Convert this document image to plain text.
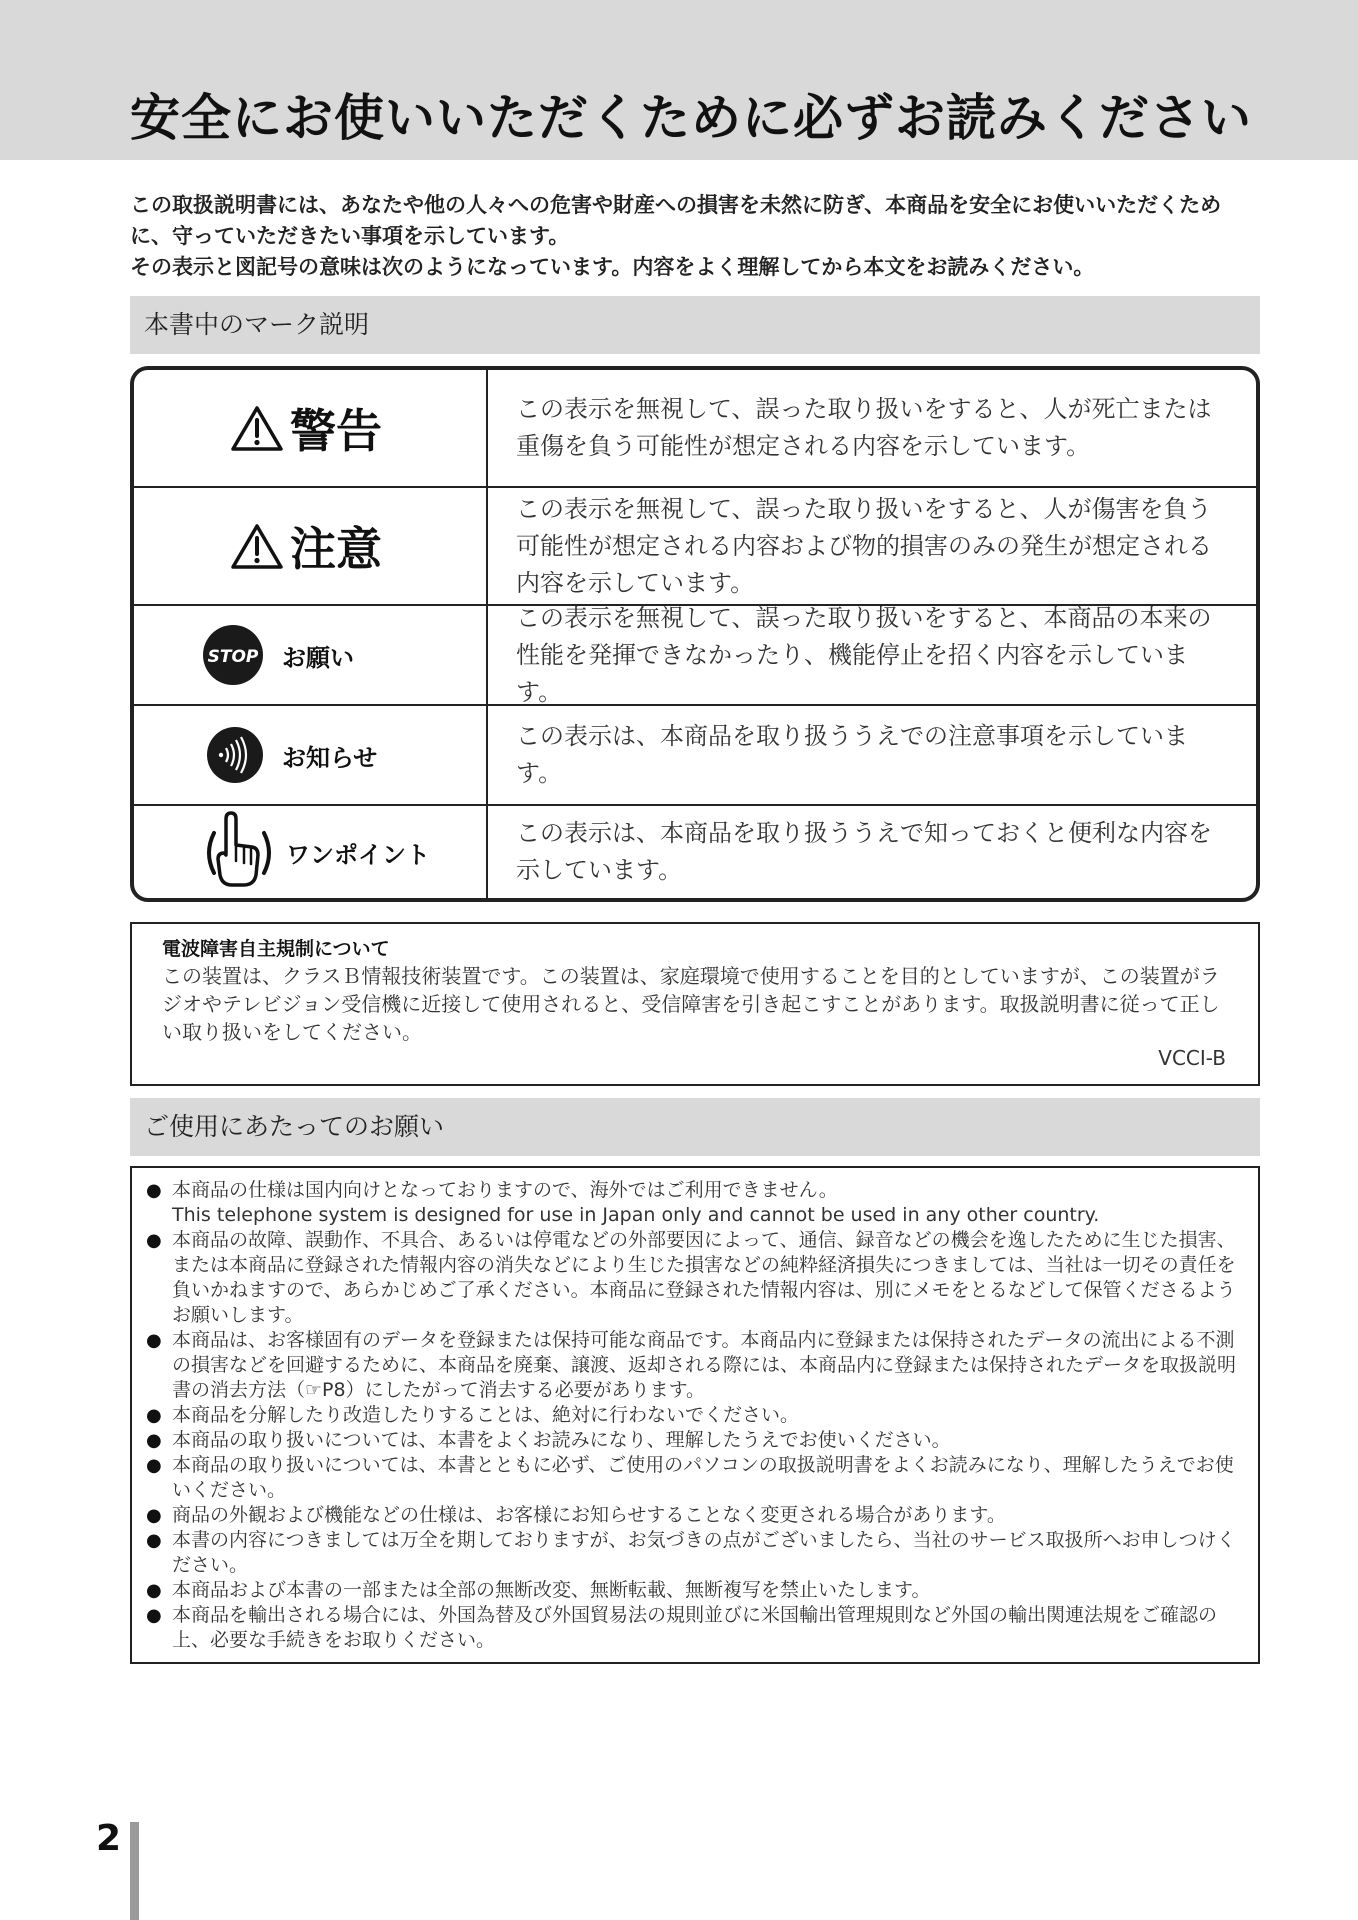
安全にお使いいただくために必ずお読みください

この取扱説明書には、あなたや他の人々への危害や財産への損害を未然に防ぎ、本商品を安全にお使いいただくために、守っていただきたい事項を示しています。

その表示と図記号の意味は次のようになっています。内容をよく理解してから本文をお読みください。

本書中のマーク説明
警告	この表示を無視して、誤った取り扱いをすると、人が死亡または重傷を負う可能性が想定される内容を示しています。
注意
この表示を無視して、誤った取り扱いをすると、人が傷害を負う可能性が想定される内容および物的損害のみの発生が想定される内容を示しています。
STOP お願い
この表示を無視して、誤った取り扱いをすると、本商品の本来の性能を発揮できなかったり、機能停止を招く内容を示しています。
お知らせ
この表示は、本商品を取り扱ううえでの注意事項を示しています。
ワンポイント
この表示は、本商品を取り扱ううえで知っておくと便利な内容を示しています。
電波障害自主規制について
この装置は、クラスＢ情報技術装置です。この装置は、家庭環境で使用することを目的としていますが、この装置がラジオやテレビジョン受信機に近接して使用されると、受信障害を引き起こすことがあります。取扱説明書に従って正しい取り扱いをしてください。
VCCI-B
ご使用にあたってのお願い
● 本商品の仕様は国内向けとなっておりますので、海外ではご利用できません。
This telephone system is designed for use in Japan only and cannot be used in any other country.
● 本商品の故障、誤動作、不具合、あるいは停電などの外部要因によって、通信、録音などの機会を逸したために生じた損害、または本商品に登録された情報内容の消失などにより生じた損害などの純粋経済損失につきましては、当社は一切その責任を負いかねますので、あらかじめご了承ください。本商品に登録された情報内容は、別にメモをとるなどして保管くださるようお願いします。
● 本商品は、お客様固有のデータを登録または保持可能な商品です。本商品内に登録または保持されたデータの流出による不測の損害などを回避するために、本商品を廃棄、譲渡、返却される際には、本商品内に登録または保持されたデータを取扱説明書の消去方法（☞P8）にしたがって消去する必要があります。
● 本商品を分解したり改造したりすることは、絶対に行わないでください。
● 本商品の取り扱いについては、本書をよくお読みになり、理解したうえでお使いください。
● 本商品の取り扱いについては、本書とともに必ず、ご使用のパソコンの取扱説明書をよくお読みになり、理解したうえでお使いください。
● 商品の外観および機能などの仕様は、お客様にお知らせすることなく変更される場合があります。
● 本書の内容につきましては万全を期しておりますが、お気づきの点がございましたら、当社のサービス取扱所へお申しつけください。
● 本商品および本書の一部または全部の無断改変、無断転載、無断複写を禁止いたします。
● 本商品を輸出される場合には、外国為替及び外国貿易法の規則並びに米国輸出管理規則など外国の輸出関連法規をご確認の上、必要な手続きをお取りください。
2
